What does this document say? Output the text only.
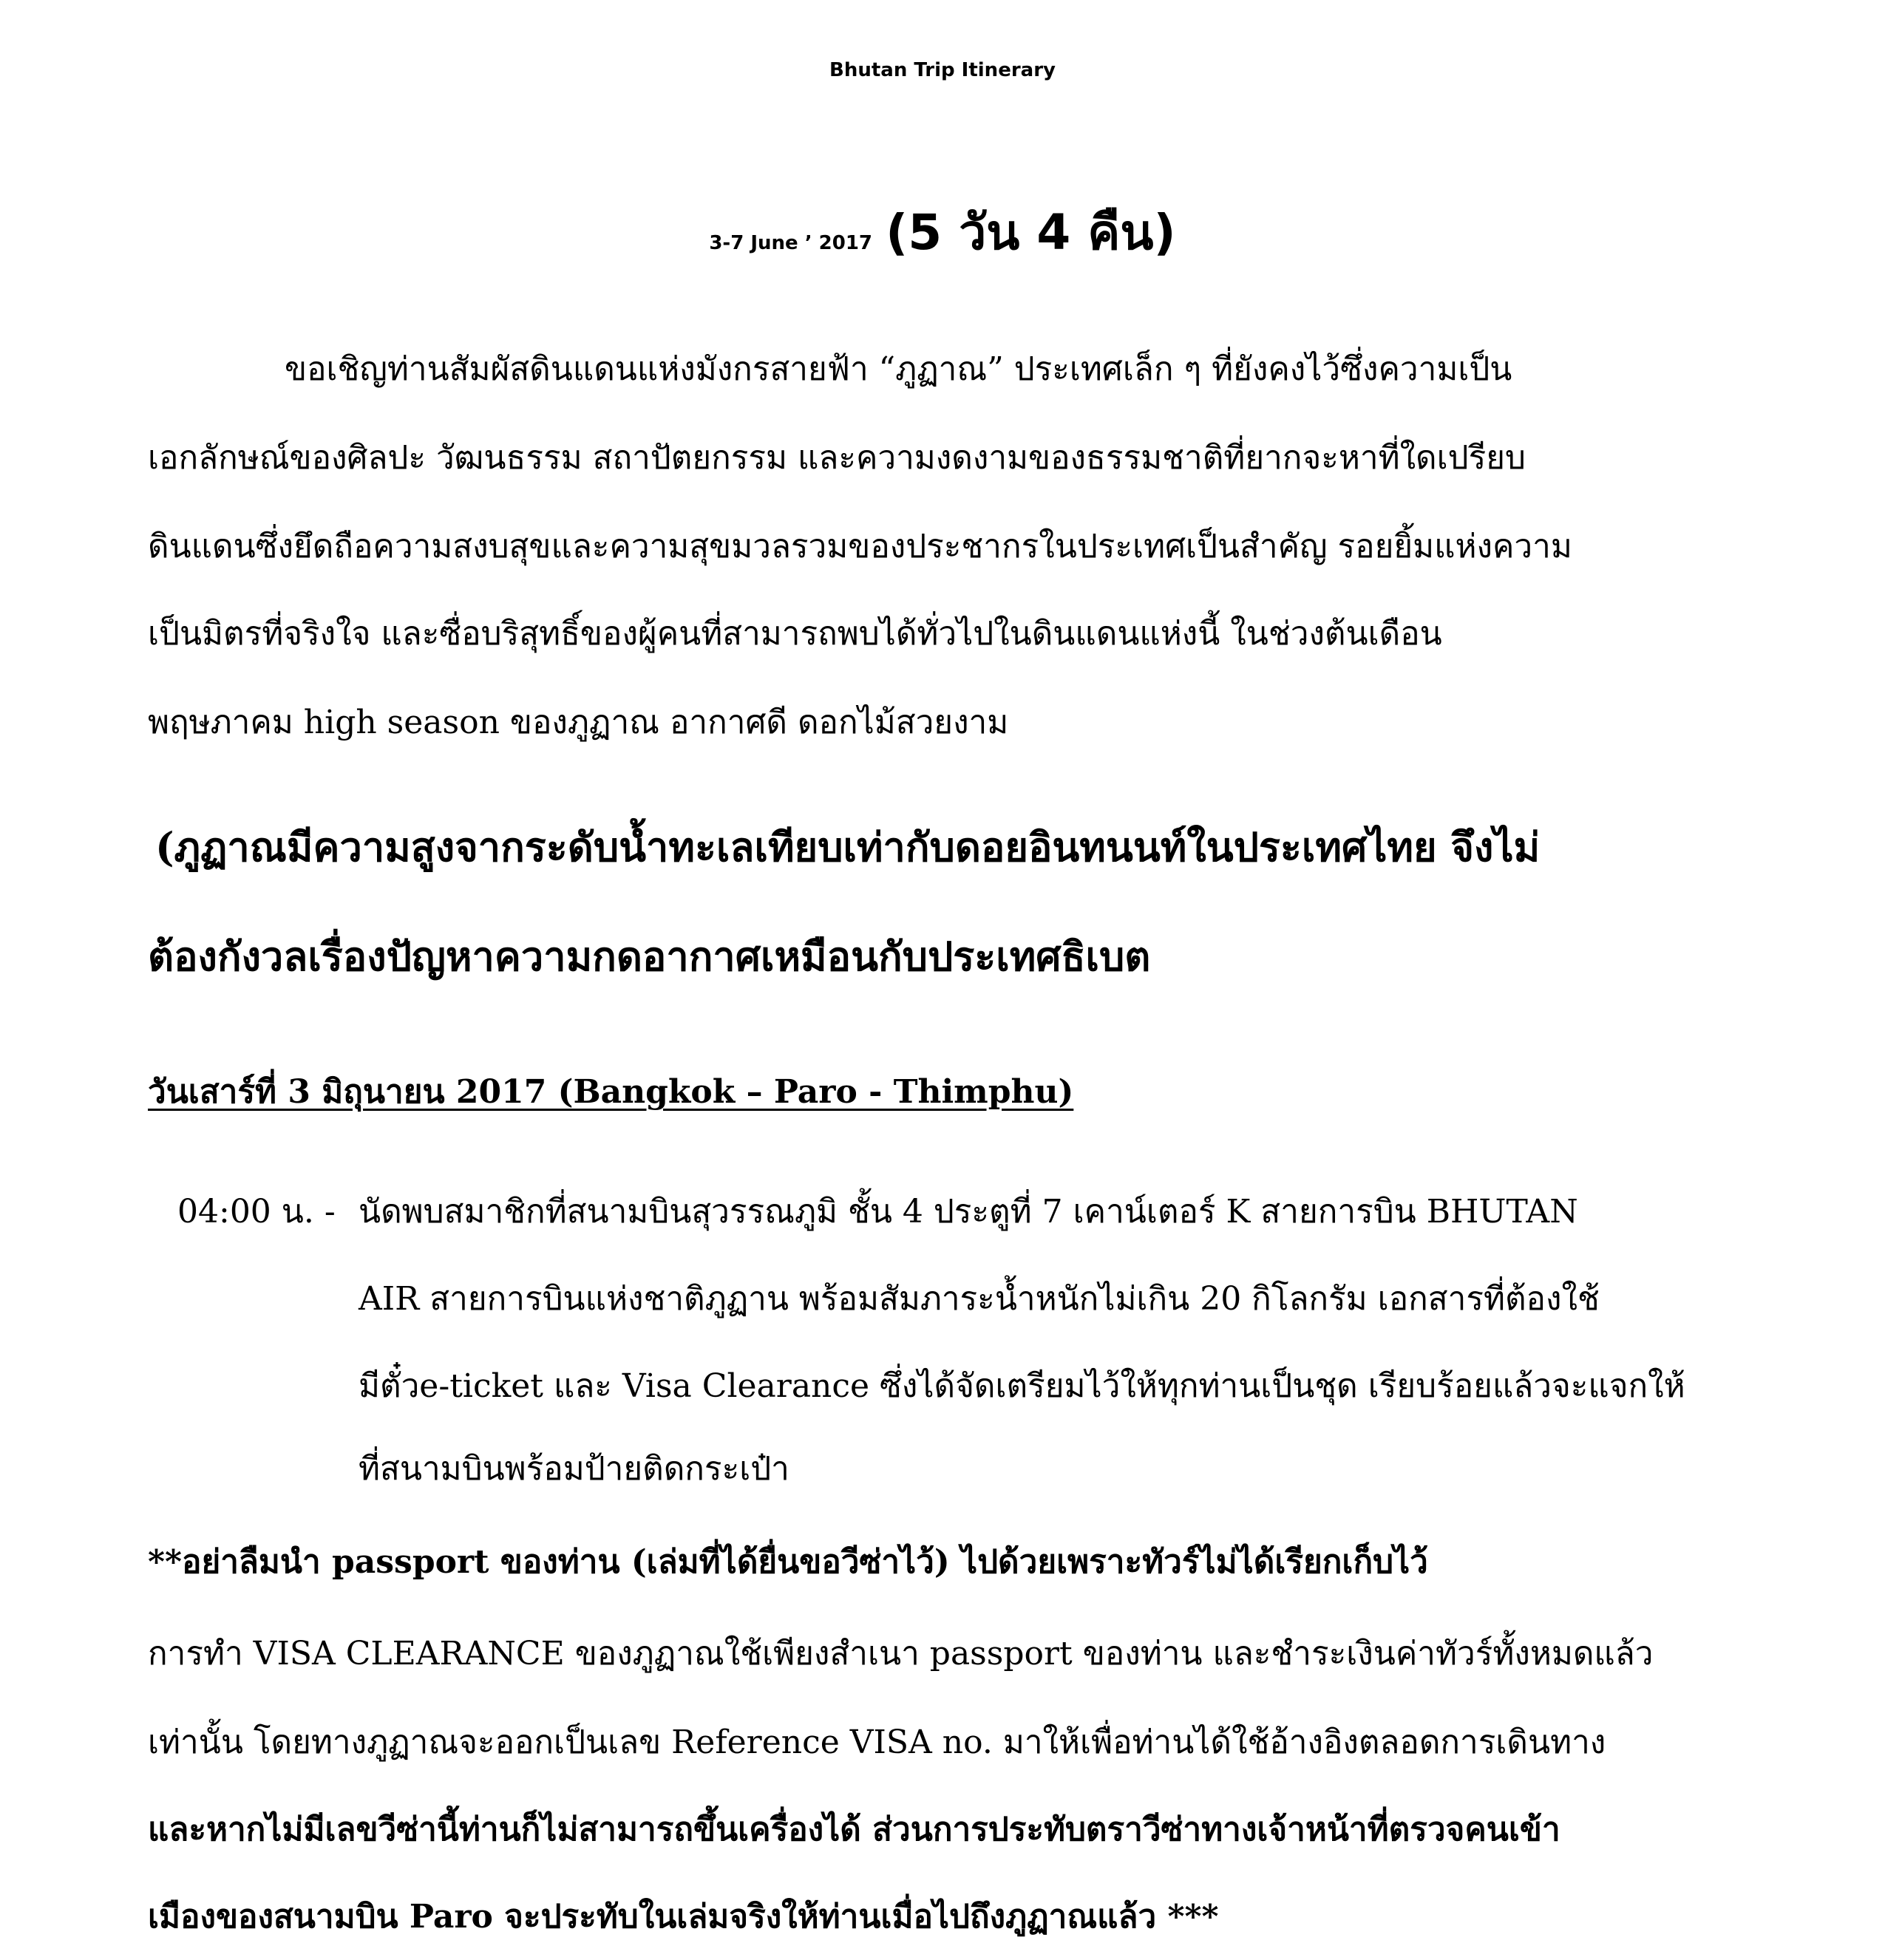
Bhutan Trip Itinerary
3-7 June ’ 2017 (5 วัน 4 คืน)
ขอเชิญท่านสัมผัสดินแดนแห่งมังกรสายฟ้า “ภูฏาณ” ประเทศเล็ก ๆ ที่ยังคงไว้ซึ่งความเป็น
เอกลักษณ์ของศิลปะ วัฒนธรรม สถาปัตยกรรม และความงดงามของธรรมชาติที่ยากจะหาที่ใดเปรียบ
ดินแดนซึ่งยึดถือความสงบสุขและความสุขมวลรวมของประชากรในประเทศเป็นสำคัญ รอยยิ้มแห่งความ
เป็นมิตรที่จริงใจ และซื่อบริสุทธิ์ของผู้คนที่สามารถพบได้ทั่วไปในดินแดนแห่งนี้ ในช่วงต้นเดือน
พฤษภาคม high season ของภูฏาณ อากาศดี ดอกไม้สวยงาม
(ภูฏาณมีความสูงจากระดับน้ำทะเลเทียบเท่ากับดอยอินทนนท์ในประเทศไทย จึงไม่
ต้องกังวลเรื่องปัญหาความกดอากาศเหมือนกับประเทศธิเบต
วันเสาร์ที่ 3 มิถุนายน 2017 (Bangkok – Paro - Thimphu)
04:00 น. - นัดพบสมาชิกที่สนามบินสุวรรณภูมิ ชั้น 4 ประตูที่ 7 เคาน์เตอร์ K สายการบิน BHUTAN
AIR สายการบินแห่งชาติภูฏาน พร้อมสัมภาระน้ำหนักไม่เกิน 20 กิโลกรัม เอกสารที่ต้องใช้
มีตั๋วe-ticket และ Visa Clearance ซึ่งได้จัดเตรียมไว้ให้ทุกท่านเป็นชุด เรียบร้อยแล้วจะแจกให้
ที่สนามบินพร้อมป้ายติดกระเป๋า
**อย่าลืมนำ passport ของท่าน (เล่มที่ได้ยื่นขอวีซ่าไว้) ไปด้วยเพราะทัวร์ไม่ได้เรียกเก็บไว้
การทำ VISA CLEARANCE ของภูฏาณใช้เพียงสำเนา passport ของท่าน และชำระเงินค่าทัวร์ทั้งหมดแล้ว
เท่านั้น โดยทางภูฏาณจะออกเป็นเลข Reference VISA no. มาให้เพื่อท่านได้ใช้อ้างอิงตลอดการเดินทาง
และหากไม่มีเลขวีซ่านี้ท่านก็ไม่สามารถขึ้นเครื่องได้ ส่วนการประทับตราวีซ่าทางเจ้าหน้าที่ตรวจคนเข้า
เมืองของสนามบิน Paro จะประทับในเล่มจริงให้ท่านเมื่อไปถึงภูฏาณแล้ว ***
